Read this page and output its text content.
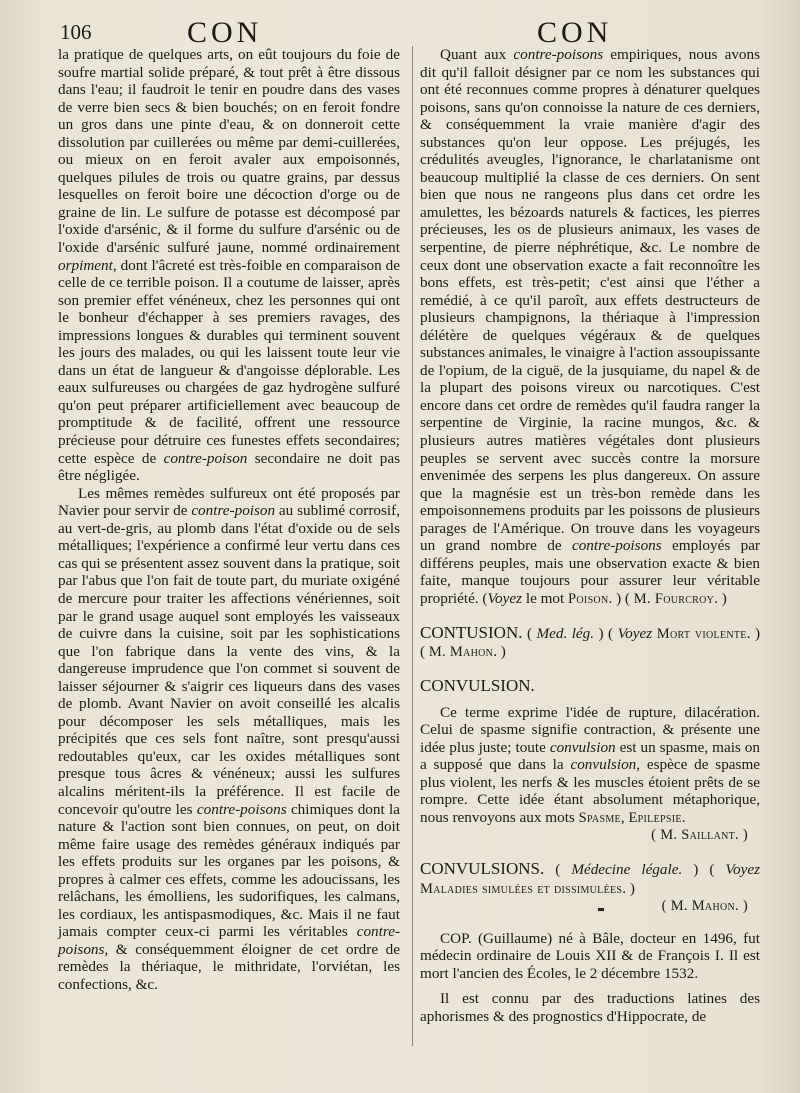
106	CON	CON

la pratique de quelques arts, on eût toujours du foie de soufre martial solide préparé, & tout prêt à être dissous dans l'eau; il faudroit le tenir en poudre dans des vases de verre bien secs & bien bouchés; on en feroit fondre un gros dans une pinte d'eau, & on donneroit cette dissolution par cuillerées ou même par demi-cuillerées, ou mieux on en feroit avaler aux empoisonnés, quelques pilules de trois ou quatre grains, par dessus lesquelles on feroit boire une décoction d'orge ou de graine de lin. Le sulfure de potasse est décomposé par l'oxide d'arsénic, & il forme du sulfure d'arsénic ou de l'oxide d'arsénic sulfuré jaune, nommé ordinairement orpiment, dont l'âcreté est très-foible en comparaison de celle de ce terrible poison. Il a coutume de laisser, après son premier effet vénéneux, chez les personnes qui ont le bonheur d'échapper à ses premiers ravages, des impressions longues & durables qui terminent souvent les jours des malades, ou qui les laissent toute leur vie dans un état de langueur & d'angoisse déplorable. Les eaux sulfureuses ou chargées de gaz hydrogène sulfuré qu'on peut préparer artificiellement avec beaucoup de promptitude & de facilité, offrent une ressource précieuse pour détruire ces funestes effets secondaires; cette espèce de contre-poison secondaire ne doit pas être négligée.

Les mêmes remèdes sulfureux ont été proposés par Navier pour servir de contre-poison au sublimé corrosif, au vert-de-gris, au plomb dans l'état d'oxide ou de sels métalliques; l'expérience a confirmé leur vertu dans ces cas qui se présentent assez souvent dans la pratique, soit par l'abus que l'on fait de toute part, du muriate oxigéné de mercure pour traiter les affections vénériennes, soit par le grand usage auquel sont employés les vaisseaux de cuivre dans la cuisine, soit par les sophistications que l'on fabrique dans la vente des vins, & la dangereuse imprudence que l'on commet si souvent de laisser séjourner & s'aigrir ces liqueurs dans des vases de plomb. Avant Navier on avoit conseillé les alcalis pour décomposer les sels métalliques, mais les précipités que ces sels font naître, sont presqu'aussi redoutables qu'eux, car les oxides métalliques sont presque tous âcres & vénéneux; aussi les sulfures alcalins méritent-ils la préférence. Il est facile de concevoir qu'outre les contre-poisons chimiques dont la nature & l'action sont bien connues, on peut, on doit même faire usage des remèdes généraux indiqués par les effets produits sur les organes par les poisons, & propres à calmer ces effets, comme les adoucissans, les relâchans, les émolliens, les sudorifiques, les calmans, les cordiaux, les antispasmodiques, &c. Mais il ne faut jamais compter ceux-ci parmi les véritables contre-poisons, & conséquemment éloigner de cet ordre de remèdes la thériaque, le mithridate, l'orviétan, les confections, &c.

Quant aux contre-poisons empiriques, nous avons dit qu'il falloit désigner par ce nom les substances qui ont été reconnues comme propres à dénaturer quelques poisons, sans qu'on connoisse la nature de ces derniers, & conséquemment la vraie manière d'agir des substances qu'on leur oppose. Les préjugés, les crédulités aveugles, l'ignorance, le charlatanisme ont beaucoup multiplié la classe de ces derniers. On sent bien que nous ne rangeons plus dans cet ordre les amulettes, les bézoards naturels & factices, les pierres précieuses, les os de plusieurs animaux, les vases de serpentine, de pierre néphrétique, &c. Le nombre de ceux dont une observation exacte a fait reconnoître les bons effets, est très-petit; c'est ainsi que l'éther a remédié, à ce qu'il paroît, aux effets destructeurs de plusieurs champignons, la thériaque à l'impression délétère de quelques végéraux & de quelques substances animales, le vinaigre à l'action assoupissante de l'opium, de la ciguë, de la jusquiame, du napel & de la plupart des poisons vireux ou narcotiques. C'est encore dans cet ordre de remèdes qu'il faudra ranger la serpentine de Virginie, la racine mungos, &c. & plusieurs autres matières végétales dont plusieurs peuples se servent avec succès contre la morsure envenimée des serpens les plus dangereux. On assure que la magnésie est un très-bon remède dans les empoisonnemens produits par les poissons de plusieurs parages de l'Amérique. On trouve dans les voyageurs un grand nombre de contre-poisons employés par différens peuples, mais une observation exacte & bien faite, manque toujours pour assurer leur véritable propriété. (Voyez le mot Poison. ) ( M. Fourcroy. )

CONTUSION. ( Med. lég. ) ( Voyez Mort violente. ) ( M. Mahon. )

CONVULSION.

Ce terme exprime l'idée de rupture, dilacération. Celui de spasme signifie contraction, & présente une idée plus juste; toute convulsion est un spasme, mais on a supposé que dans la convulsion, espèce de spasme plus violent, les nerfs & les muscles étoient prêts de se rompre. Cette idée étant absolument métaphorique, nous renvoyons aux mots Spasme, Epilepsie.

( M. Saillant. )

CONVULSIONS. ( Médecine légale. ) ( Voyez Maladies simulées et dissimulées. )

( M. Mahon. )

COP. (Guillaume) né à Bâle, docteur en 1496, fut médecin ordinaire de Louis XII & de François I. Il est mort l'ancien des Écoles, le 2 décembre 1532.

Il est connu par des traductions latines des aphorismes & des prognostics d'Hippocrate, de
